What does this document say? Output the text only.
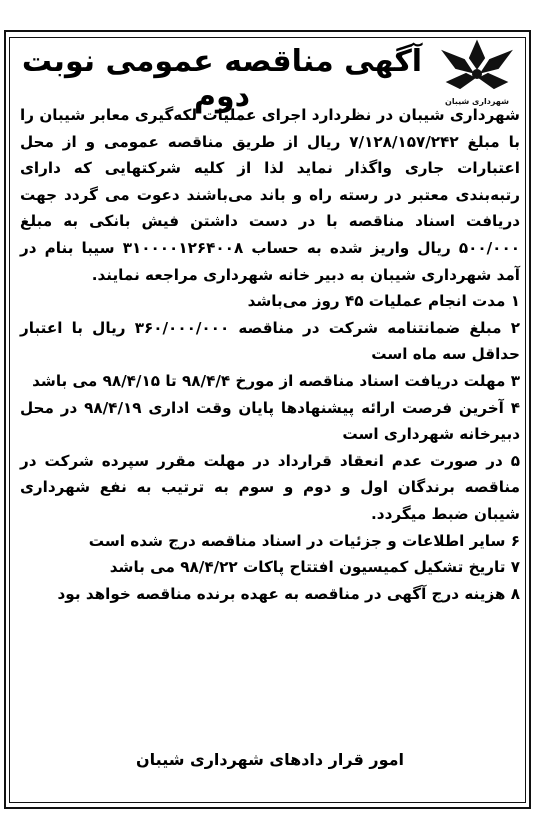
آگهی مناقصه عمومی نوبت دوم	شهرداری شیبان

شهرداری شیبان در نظردارد اجرای عملیات لکه‌گیری معابر شیبان را با مبلغ ۷/۱۲۸/۱۵۷/۲۴۲ ریال از طریق مناقصه عمومی و از محل اعتبارات جاری واگذار نماید لذا از کلیه شرکتهایی که دارای رتبه‌بندی معتبر در رسته راه و باند می‌باشند دعوت می گردد جهت دریافت اسناد مناقصه با در دست داشتن فیش بانکی به مبلغ ۵۰۰/۰۰۰ ریال واریز شده به حساب ۳۱۰۰۰۰۱۲۶۴۰۰۸ سیبا بنام در آمد شهرداری شیبان به دبیر خانه شهرداری مراجعه نمایند.

۱ مدت انجام عملیات ۴۵ روز می‌باشد

۲ مبلغ ضمانتنامه شرکت در مناقصه ۳۶۰/۰۰۰/۰۰۰ ریال با اعتبار حداقل سه ماه است

۳ مهلت دریافت اسناد مناقصه از مورخ ۹۸/۴/۴ تا ۹۸/۴/۱۵ می باشد

۴ آخرین فرصت ارائه پیشنهادها پایان وقت اداری ۹۸/۴/۱۹ در محل دبیرخانه شهرداری است

۵ در صورت عدم انعقاد قرارداد در مهلت مقرر سپرده شرکت در مناقصه برندگان اول و دوم و سوم به ترتیب به نفع شهرداری شیبان ضبط میگردد.

۶ سایر اطلاعات و جزئیات در اسناد مناقصه درج شده است

۷ تاریخ تشکیل کمیسیون افتتاح پاکات ۹۸/۴/۲۲ می باشد

۸ هزینه درج آگهی در مناقصه به عهده برنده مناقصه خواهد بود

امور قرار دادهای شهرداری شیبان
